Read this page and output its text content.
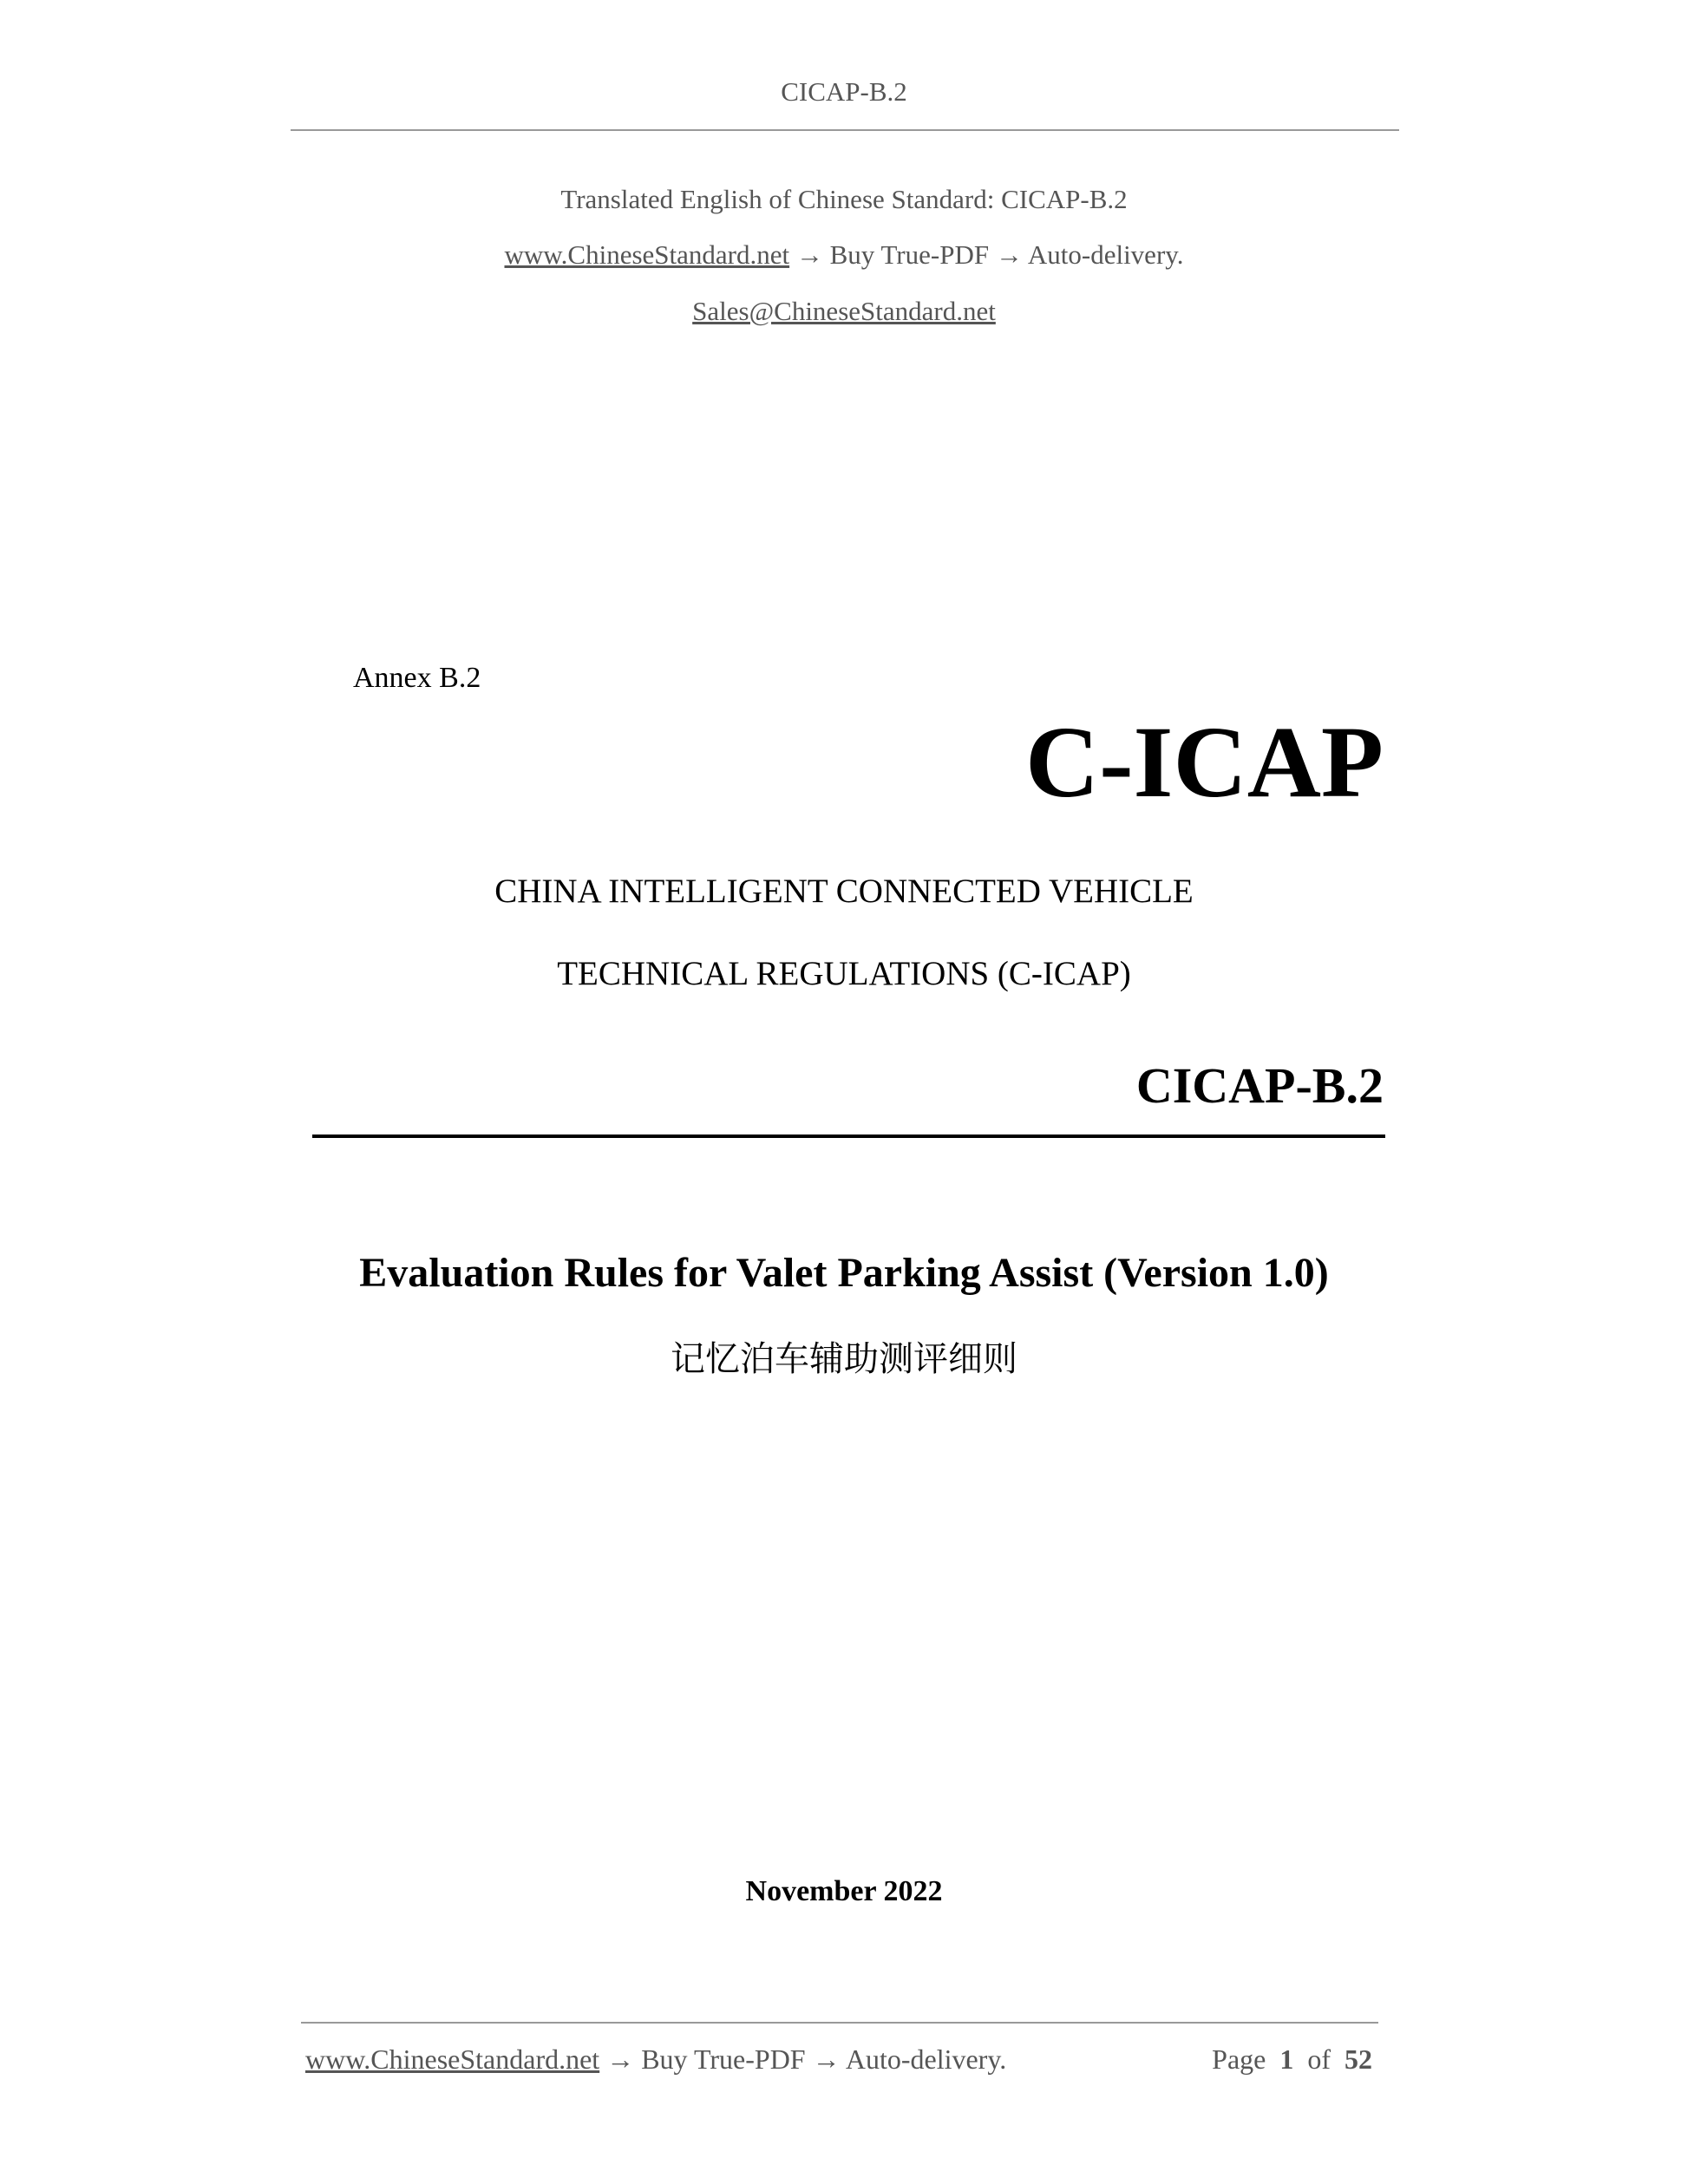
CICAP-B.2
Translated English of Chinese Standard: CICAP-B.2
www.ChineseStandard.net → Buy True-PDF → Auto-delivery.
Sales@ChineseStandard.net
Annex B.2
C-ICAP
CHINA INTELLIGENT CONNECTED VEHICLE
TECHNICAL REGULATIONS (C-ICAP)
CICAP-B.2
Evaluation Rules for Valet Parking Assist (Version 1.0)
记忆泊车辅助测评细则
November 2022
www.ChineseStandard.net → Buy True-PDF → Auto-delivery.	Page 1 of 52
